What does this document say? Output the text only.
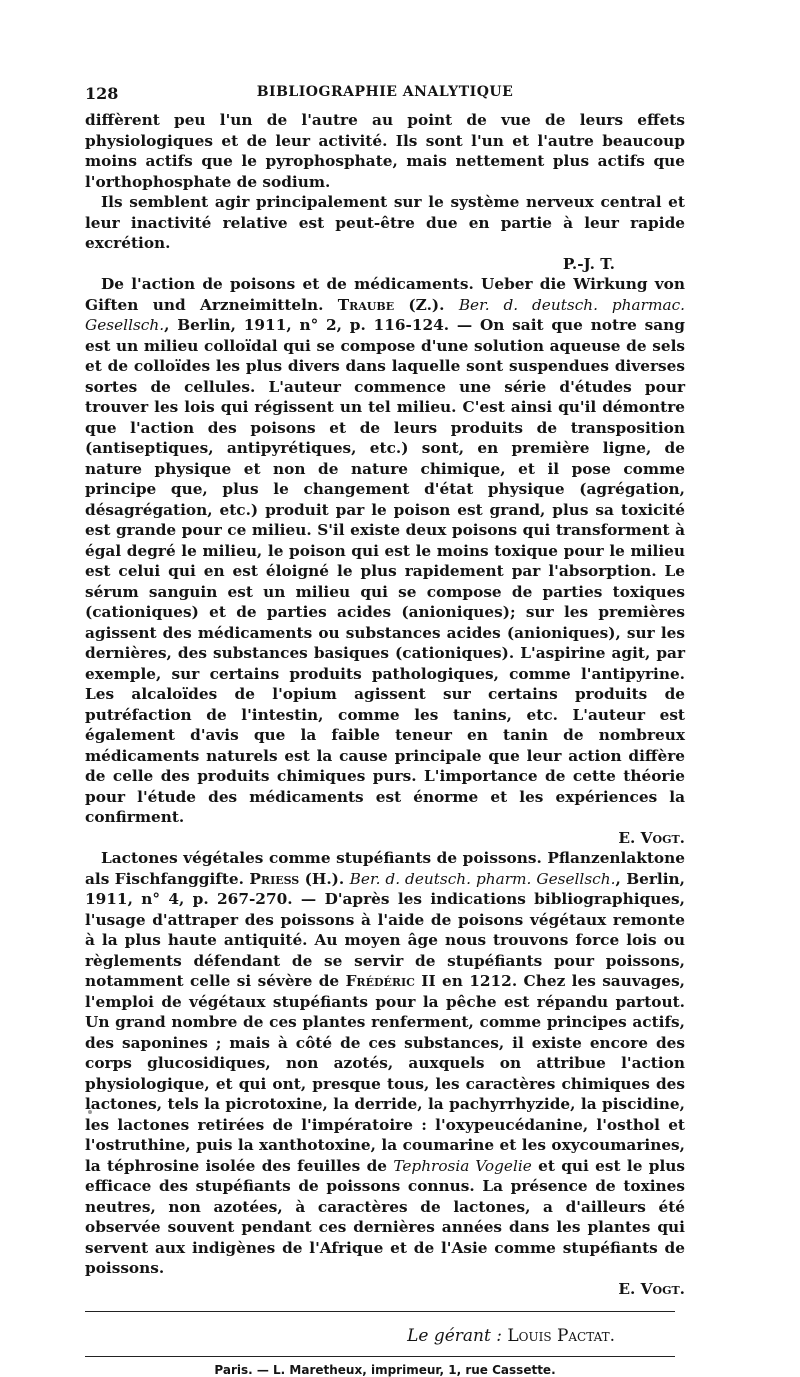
128	BIBLIOGRAPHIE ANALYTIQUE

diffèrent peu l'un de l'autre au point de vue de leurs effets physiologiques et de leur activité. Ils sont l'un et l'autre beaucoup moins actifs que le pyrophosphate, mais nettement plus actifs que l'orthophosphate de sodium.

Ils semblent agir principalement sur le système nerveux central et leur inactivité relative est peut-être due en partie à leur rapide excrétion.

P.-J. T.

De l'action de poisons et de médicaments. Ueber die Wirkung von Giften und Arzneimitteln. Traube (Z.). Ber. d. deutsch. pharmac. Gesellsch., Berlin, 1911, n° 2, p. 116-124. — On sait que notre sang est un milieu colloïdal qui se compose d'une solution aqueuse de sels et de colloïdes les plus divers dans laquelle sont suspendues diverses sortes de cellules. L'auteur commence une série d'études pour trouver les lois qui régissent un tel milieu. C'est ainsi qu'il démontre que l'action des poisons et de leurs produits de transposition (antiseptiques, antipyrétiques, etc.) sont, en première ligne, de nature physique et non de nature chimique, et il pose comme principe que, plus le changement d'état physique (agrégation, désagrégation, etc.) produit par le poison est grand, plus sa toxicité est grande pour ce milieu. S'il existe deux poisons qui transforment à égal degré le milieu, le poison qui est le moins toxique pour le milieu est celui qui en est éloigné le plus rapidement par l'absorption. Le sérum sanguin est un milieu qui se compose de parties toxiques (cationiques) et de parties acides (anioniques); sur les premières agissent des médicaments ou substances acides (anioniques), sur les dernières, des substances basiques (cationiques). L'aspirine agit, par exemple, sur certains produits pathologiques, comme l'antipyrine. Les alcaloïdes de l'opium agissent sur certains produits de putréfaction de l'intestin, comme les tanins, etc. L'auteur est également d'avis que la faible teneur en tanin de nombreux médicaments naturels est la cause principale que leur action diffère de celle des produits chimiques purs. L'importance de cette théorie pour l'étude des médicaments est énorme et les expériences la confirment.

E. Vogt.

Lactones végétales comme stupéfiants de poissons. Pflanzenlaktone als Fischfanggifte. Priess (H.). Ber. d. deutsch. pharm. Gesellsch., Berlin, 1911, n° 4, p. 267-270. — D'après les indications bibliographiques, l'usage d'attraper des poissons à l'aide de poisons végétaux remonte à la plus haute antiquité. Au moyen âge nous trouvons force lois ou règlements défendant de se servir de stupéfiants pour poissons, notamment celle si sévère de Frédéric II en 1212. Chez les sauvages, l'emploi de végétaux stupéfiants pour la pêche est répandu partout. Un grand nombre de ces plantes renferment, comme principes actifs, des saponines ; mais à côté de ces substances, il existe encore des corps glucosidiques, non azotés, auxquels on attribue l'action physiologique, et qui ont, presque tous, les caractères chimiques des lactones, tels la picrotoxine, la derride, la pachyrrhyzide, la piscidine, les lactones retirées de l'impératoire : l'oxypeucédanine, l'osthol et l'ostruthine, puis la xanthotoxine, la coumarine et les oxycoumarines, la téphrosine isolée des feuilles de Tephrosia Vogelie et qui est le plus efficace des stupéfiants de poissons connus. La présence de toxines neutres, non azotées, à caractères de lactones, a d'ailleurs été observée souvent pendant ces dernières années dans les plantes qui servent aux indigènes de l'Afrique et de l'Asie comme stupéfiants de poissons.

E. Vogt.

Le gérant : Louis Pactat.

Paris. — L. Maretheux, imprimeur, 1, rue Cassette.
